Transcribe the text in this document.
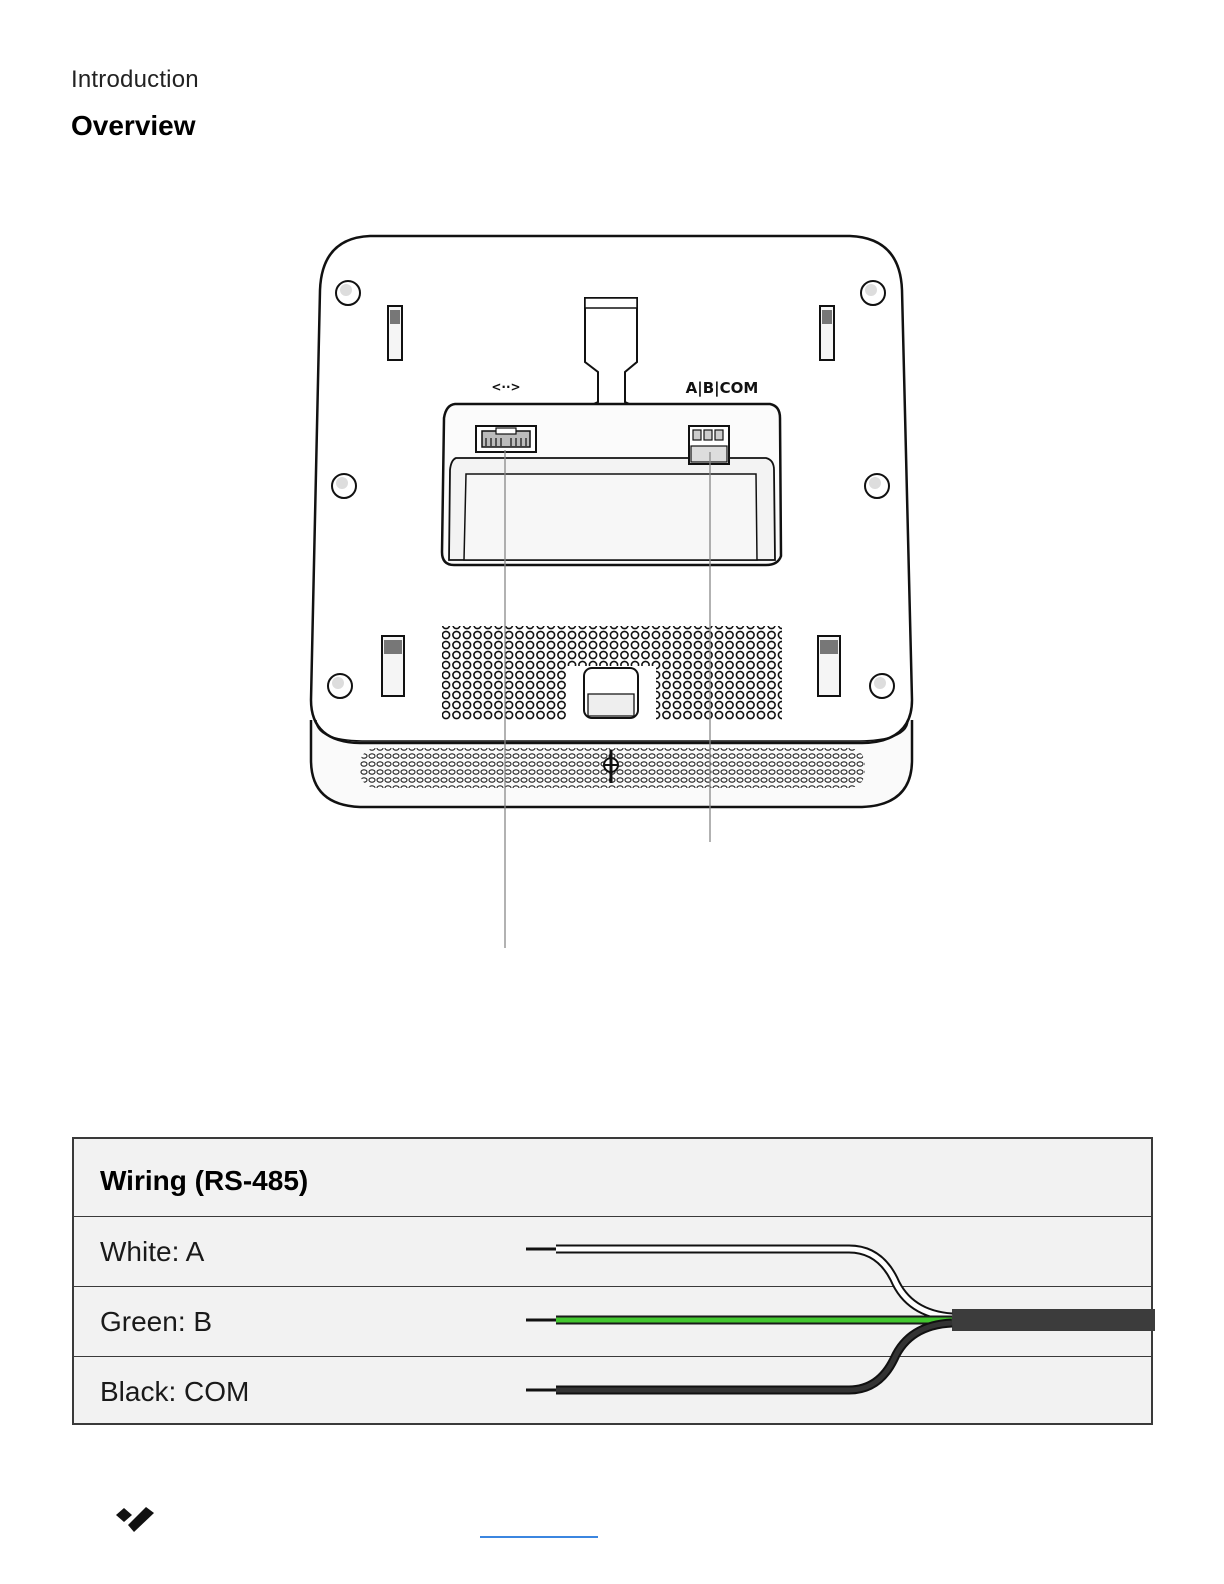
Introduction
Overview
<··>	A|B|COM
Wiring (RS-485)
White: A
Green: B
Black: COM
